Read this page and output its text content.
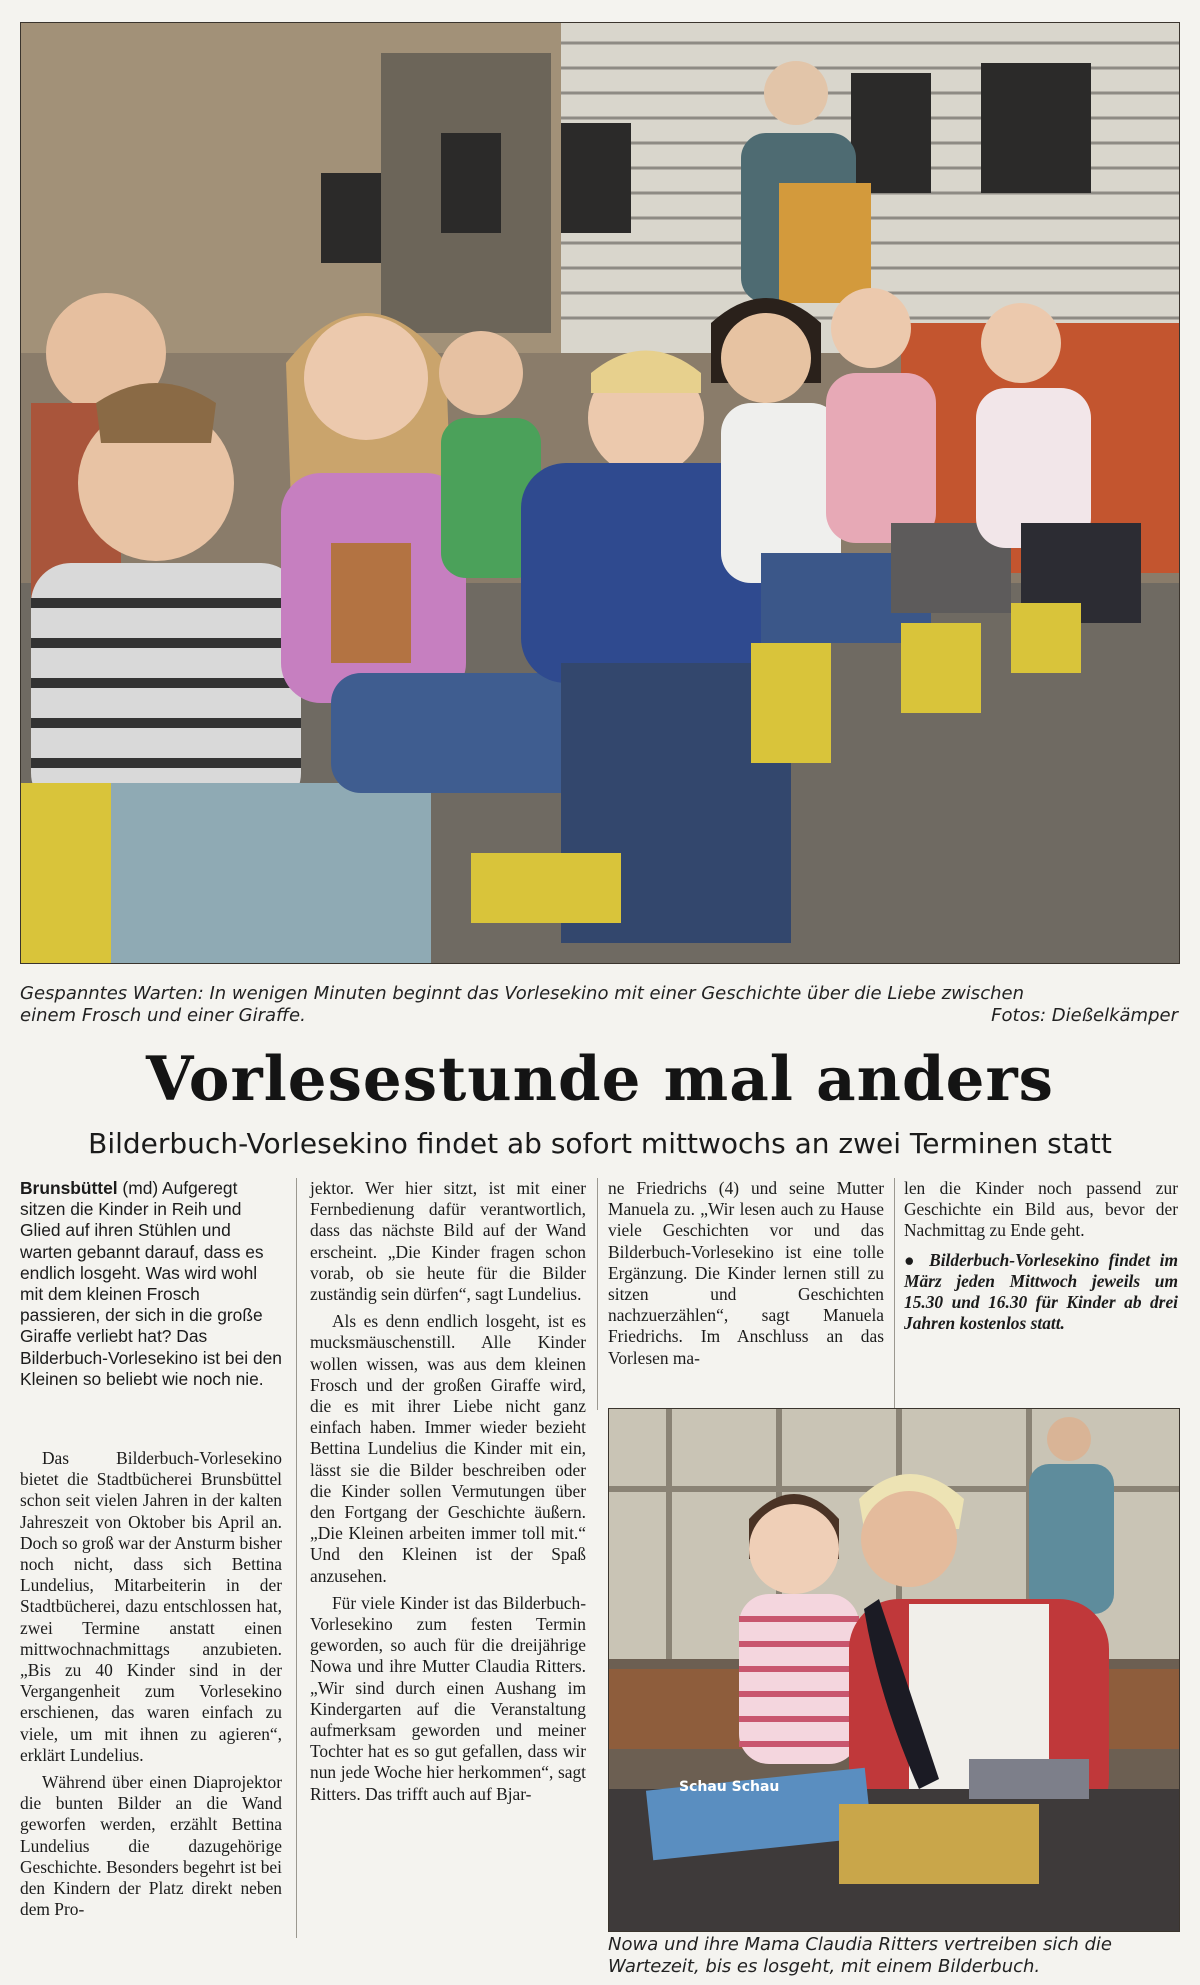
Gespanntes Warten: In wenigen Minuten beginnt das Vorlesekino mit einer Geschichte über die Liebe zwischen einem Frosch und einer Giraffe.	Fotos: Dießelkämper
Vorlesestunde mal anders
Bilderbuch-Vorlesekino findet ab sofort mittwochs an zwei Terminen statt

Brunsbüttel (md) Aufgeregt sitzen die Kinder in Reih und Glied auf ihren Stühlen und warten gebannt darauf, dass es endlich losgeht. Was wird wohl mit dem kleinen Frosch passieren, der sich in die große Giraffe verliebt hat? Das Bilderbuch-Vorlesekino ist bei den Kleinen so beliebt wie noch nie.

Das Bilderbuch-Vorlesekino bietet die Stadtbücherei Brunsbüttel schon seit vielen Jahren in der kalten Jahreszeit von Oktober bis April an. Doch so groß war der Ansturm bisher noch nicht, dass sich Bettina Lundelius, Mitarbeiterin in der Stadtbücherei, dazu entschlossen hat, zwei Termine anstatt einen mittwochnachmittags anzubieten. „Bis zu 40 Kinder sind in der Vergangenheit zum Vorlesekino erschienen, das waren einfach zu viele, um mit ihnen zu agieren“, erklärt Lundelius.

Während über einen Diaprojektor die bunten Bilder an die Wand geworfen werden, erzählt Bettina Lundelius die dazugehörige Geschichte. Besonders begehrt ist bei den Kindern der Platz direkt neben dem Pro-

jektor. Wer hier sitzt, ist mit einer Fernbedienung dafür verantwortlich, dass das nächste Bild auf der Wand erscheint. „Die Kinder fragen schon vorab, ob sie heute für die Bilder zuständig sein dürfen“, sagt Lundelius.

Als es denn endlich losgeht, ist es mucksmäuschenstill. Alle Kinder wollen wissen, was aus dem kleinen Frosch und der großen Giraffe wird, die es mit ihrer Liebe nicht ganz einfach haben. Immer wieder bezieht Bettina Lundelius die Kinder mit ein, lässt sie die Bilder beschreiben oder die Kinder sollen Vermutungen über den Fortgang der Geschichte äußern. „Die Kleinen arbeiten immer toll mit.“ Und den Kleinen ist der Spaß anzusehen.

Für viele Kinder ist das Bilderbuch-Vorlesekino zum festen Termin geworden, so auch für die dreijährige Nowa und ihre Mutter Claudia Ritters. „Wir sind durch einen Aushang im Kindergarten auf die Veranstaltung aufmerksam geworden und meiner Tochter hat es so gut gefallen, dass wir nun jede Woche hier herkommen“, sagt Ritters. Das trifft auch auf Bjar-

ne Friedrichs (4) und seine Mutter Manuela zu. „Wir lesen auch zu Hause viele Geschichten vor und das Bilderbuch-Vorlesekino ist eine tolle Ergänzung. Die Kinder lernen still zu sitzen und Geschichten nachzuerzählen“, sagt Manuela Friedrichs. Im Anschluss an das Vorlesen ma-

len die Kinder noch passend zur Geschichte ein Bild aus, bevor der Nachmittag zu Ende geht.

● Bilderbuch-Vorlesekino findet im März jeden Mittwoch jeweils um 15.30 und 16.30 für Kinder ab drei Jahren kostenlos statt.

Schau Schau
Nowa und ihre Mama Claudia Ritters vertreiben sich die Wartezeit, bis es losgeht, mit einem Bilderbuch.
